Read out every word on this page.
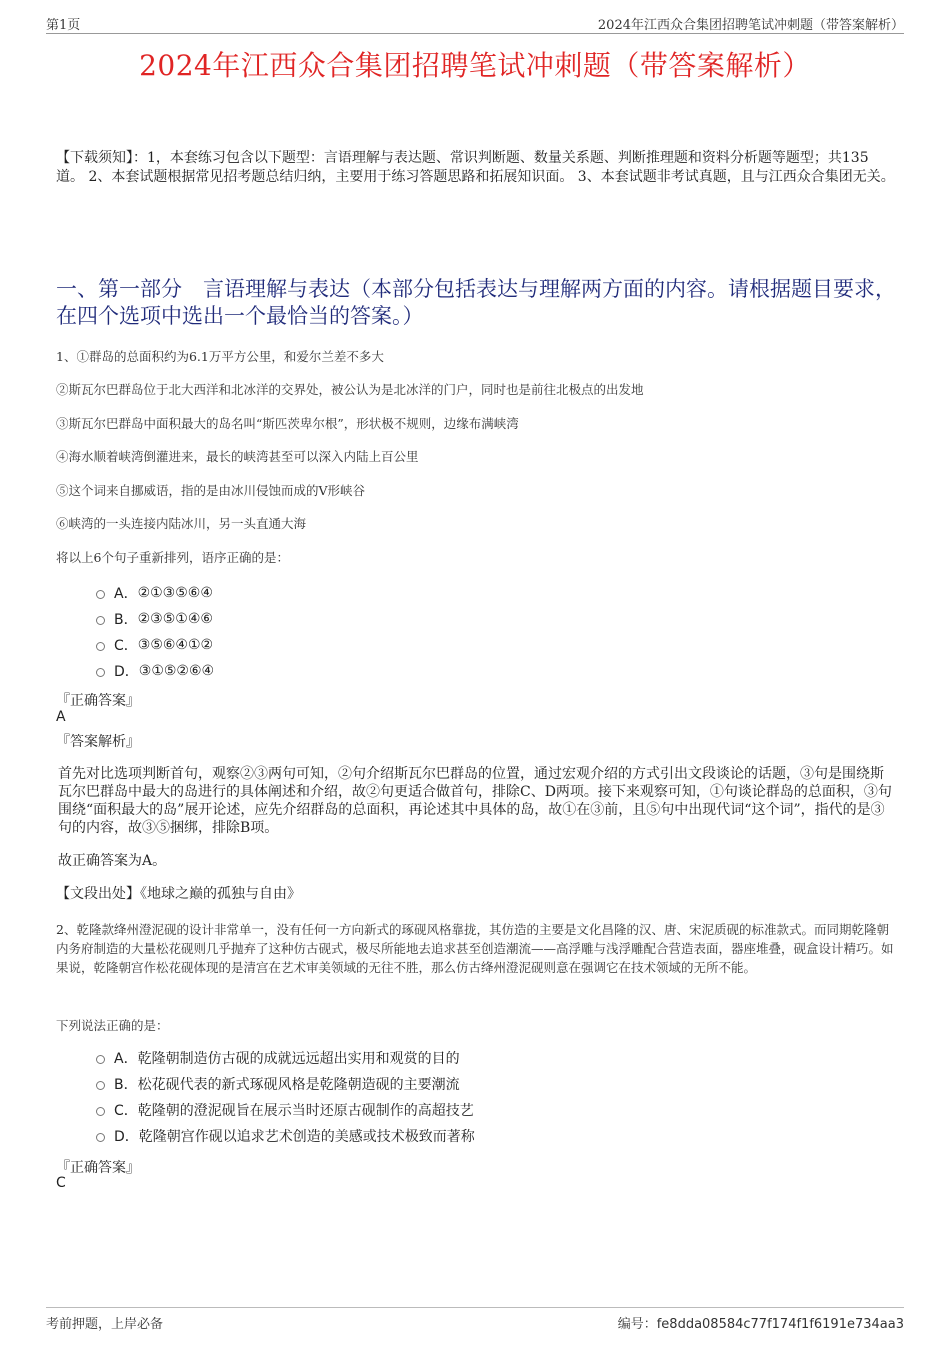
第1页	2024年江西众合集团招聘笔试冲刺题（带答案解析）
2024年江西众合集团招聘笔试冲刺题（带答案解析）
【下载须知】：1，本套练习包含以下题型：言语理解与表达题、常识判断题、数量关系题、判断推理题和资料分析题等题型；共135道。 2、本套试题根据常见招考题总结归纳，主要用于练习答题思路和拓展知识面。 3、本套试题非考试真题，且与江西众合集团无关。
一、第一部分　言语理解与表达（本部分包括表达与理解两方面的内容。请根据题目要求，在四个选项中选出一个最恰当的答案。）
1、①群岛的总面积约为6.1万平方公里，和爱尔兰差不多大
②斯瓦尔巴群岛位于北大西洋和北冰洋的交界处，被公认为是北冰洋的门户，同时也是前往北极点的出发地
③斯瓦尔巴群岛中面积最大的岛名叫“斯匹茨卑尔根”，形状极不规则，边缘布满峡湾
④海水顺着峡湾倒灌进来，最长的峡湾甚至可以深入内陆上百公里
⑤这个词来自挪威语，指的是由冰川侵蚀而成的V形峡谷
⑥峡湾的一头连接内陆冰川，另一头直通大海
将以上6个句子重新排列，语序正确的是：
A． ②①③⑤⑥④
B． ②③⑤①④⑥
C． ③⑤⑥④①②
D． ③①⑤②⑥④
『正确答案』
A
『答案解析』
首先对比选项判断首句，观察②③两句可知，②句介绍斯瓦尔巴群岛的位置，通过宏观介绍的方式引出文段谈论的话题，③句是围绕斯瓦尔巴群岛中最大的岛进行的具体阐述和介绍，故②句更适合做首句，排除C、D两项。接下来观察可知，①句谈论群岛的总面积，③句围绕“面积最大的岛”展开论述，应先介绍群岛的总面积，再论述其中具体的岛，故①在③前，且⑤句中出现代词“这个词”，指代的是③句的内容，故③⑤捆绑，排除B项。
故正确答案为A。
【文段出处】《地球之巅的孤独与自由》
2、乾隆款绛州澄泥砚的设计非常单一，没有任何一方向新式的琢砚风格靠拢，其仿造的主要是文化昌隆的汉、唐、宋泥质砚的标准款式。而同期乾隆朝内务府制造的大量松花砚则几乎抛弃了这种仿古砚式，极尽所能地去追求甚至创造潮流——高浮雕与浅浮雕配合营造表面，器座堆叠，砚盒设计精巧。如果说，乾隆朝宫作松花砚体现的是清宫在艺术审美领域的无往不胜，那么仿古绛州澄泥砚则意在强调它在技术领域的无所不能。
下列说法正确的是：
A． 乾隆朝制造仿古砚的成就远远超出实用和观赏的目的
B． 松花砚代表的新式琢砚风格是乾隆朝造砚的主要潮流
C． 乾隆朝的澄泥砚旨在展示当时还原古砚制作的高超技艺
D． 乾隆朝宫作砚以追求艺术创造的美感或技术极致而著称
『正确答案』
C
考前押题，上岸必备	编号：fe8dda08584c77f174f1f6191e734aa3
